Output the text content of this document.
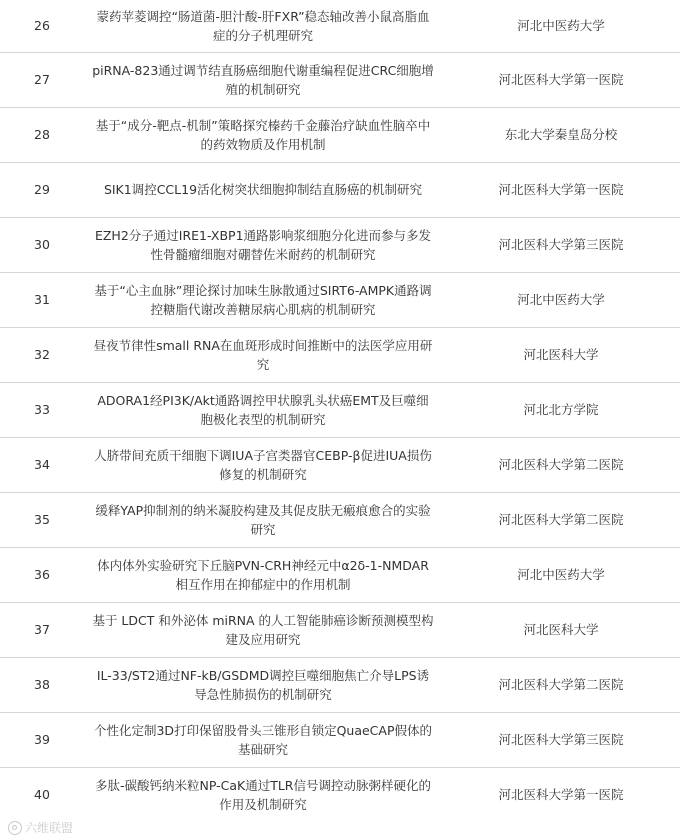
26	蒙药苹菱调控“肠道菌-胆汁酸-肝FXR”稳态轴改善小鼠高脂血症的分子机理研究	河北中医药大学
27	piRNA-823通过调节结直肠癌细胞代谢重编程促进CRC细胞增殖的机制研究	河北医科大学第一医院
28	基于“成分-靶点-机制”策略探究榛药千金藤治疗缺血性脑卒中的药效物质及作用机制	东北大学秦皇岛分校
29	SIK1调控CCL19活化树突状细胞抑制结直肠癌的机制研究	河北医科大学第一医院
30	EZH2分子通过IRE1-XBP1通路影响浆细胞分化进而参与多发性骨髓瘤细胞对硼替佐米耐药的机制研究	河北医科大学第三医院
31	基于“心主血脉”理论探讨加味生脉散通过SIRT6-AMPK通路调控糖脂代谢改善糖尿病心肌病的机制研究	河北中医药大学
32	昼夜节律性small RNA在血斑形成时间推断中的法医学应用研究	河北医科大学
33	ADORA1经PI3K/Akt通路调控甲状腺乳头状癌EMT及巨噬细胞极化表型的机制研究	河北北方学院
34	人脐带间充质干细胞下调IUA子宫类器官CEBP-β促进IUA损伤修复的机制研究	河北医科大学第二医院
35	缓释YAP抑制剂的纳米凝胶构建及其促皮肤无瘢痕愈合的实验研究	河北医科大学第二医院
36	体内体外实验研究下丘脑PVN-CRH神经元中α2δ-1-NMDAR相互作用在抑郁症中的作用机制	河北中医药大学
37	基于 LDCT 和外泌体 miRNA 的人工智能肺癌诊断预测模型构建及应用研究	河北医科大学
38	IL-33/ST2通过NF-kB/GSDMD调控巨噬细胞焦亡介导LPS诱导急性肺损伤的机制研究	河北医科大学第二医院
39	个性化定制3D打印保留股骨头三锥形自锁定QuaeCAP假体的基础研究	河北医科大学第三医院
40	多肽-碳酸钙纳米粒NP-CaK通过TLR信号调控动脉粥样硬化的作用及机制研究	河北医科大学第一医院
六维联盟
